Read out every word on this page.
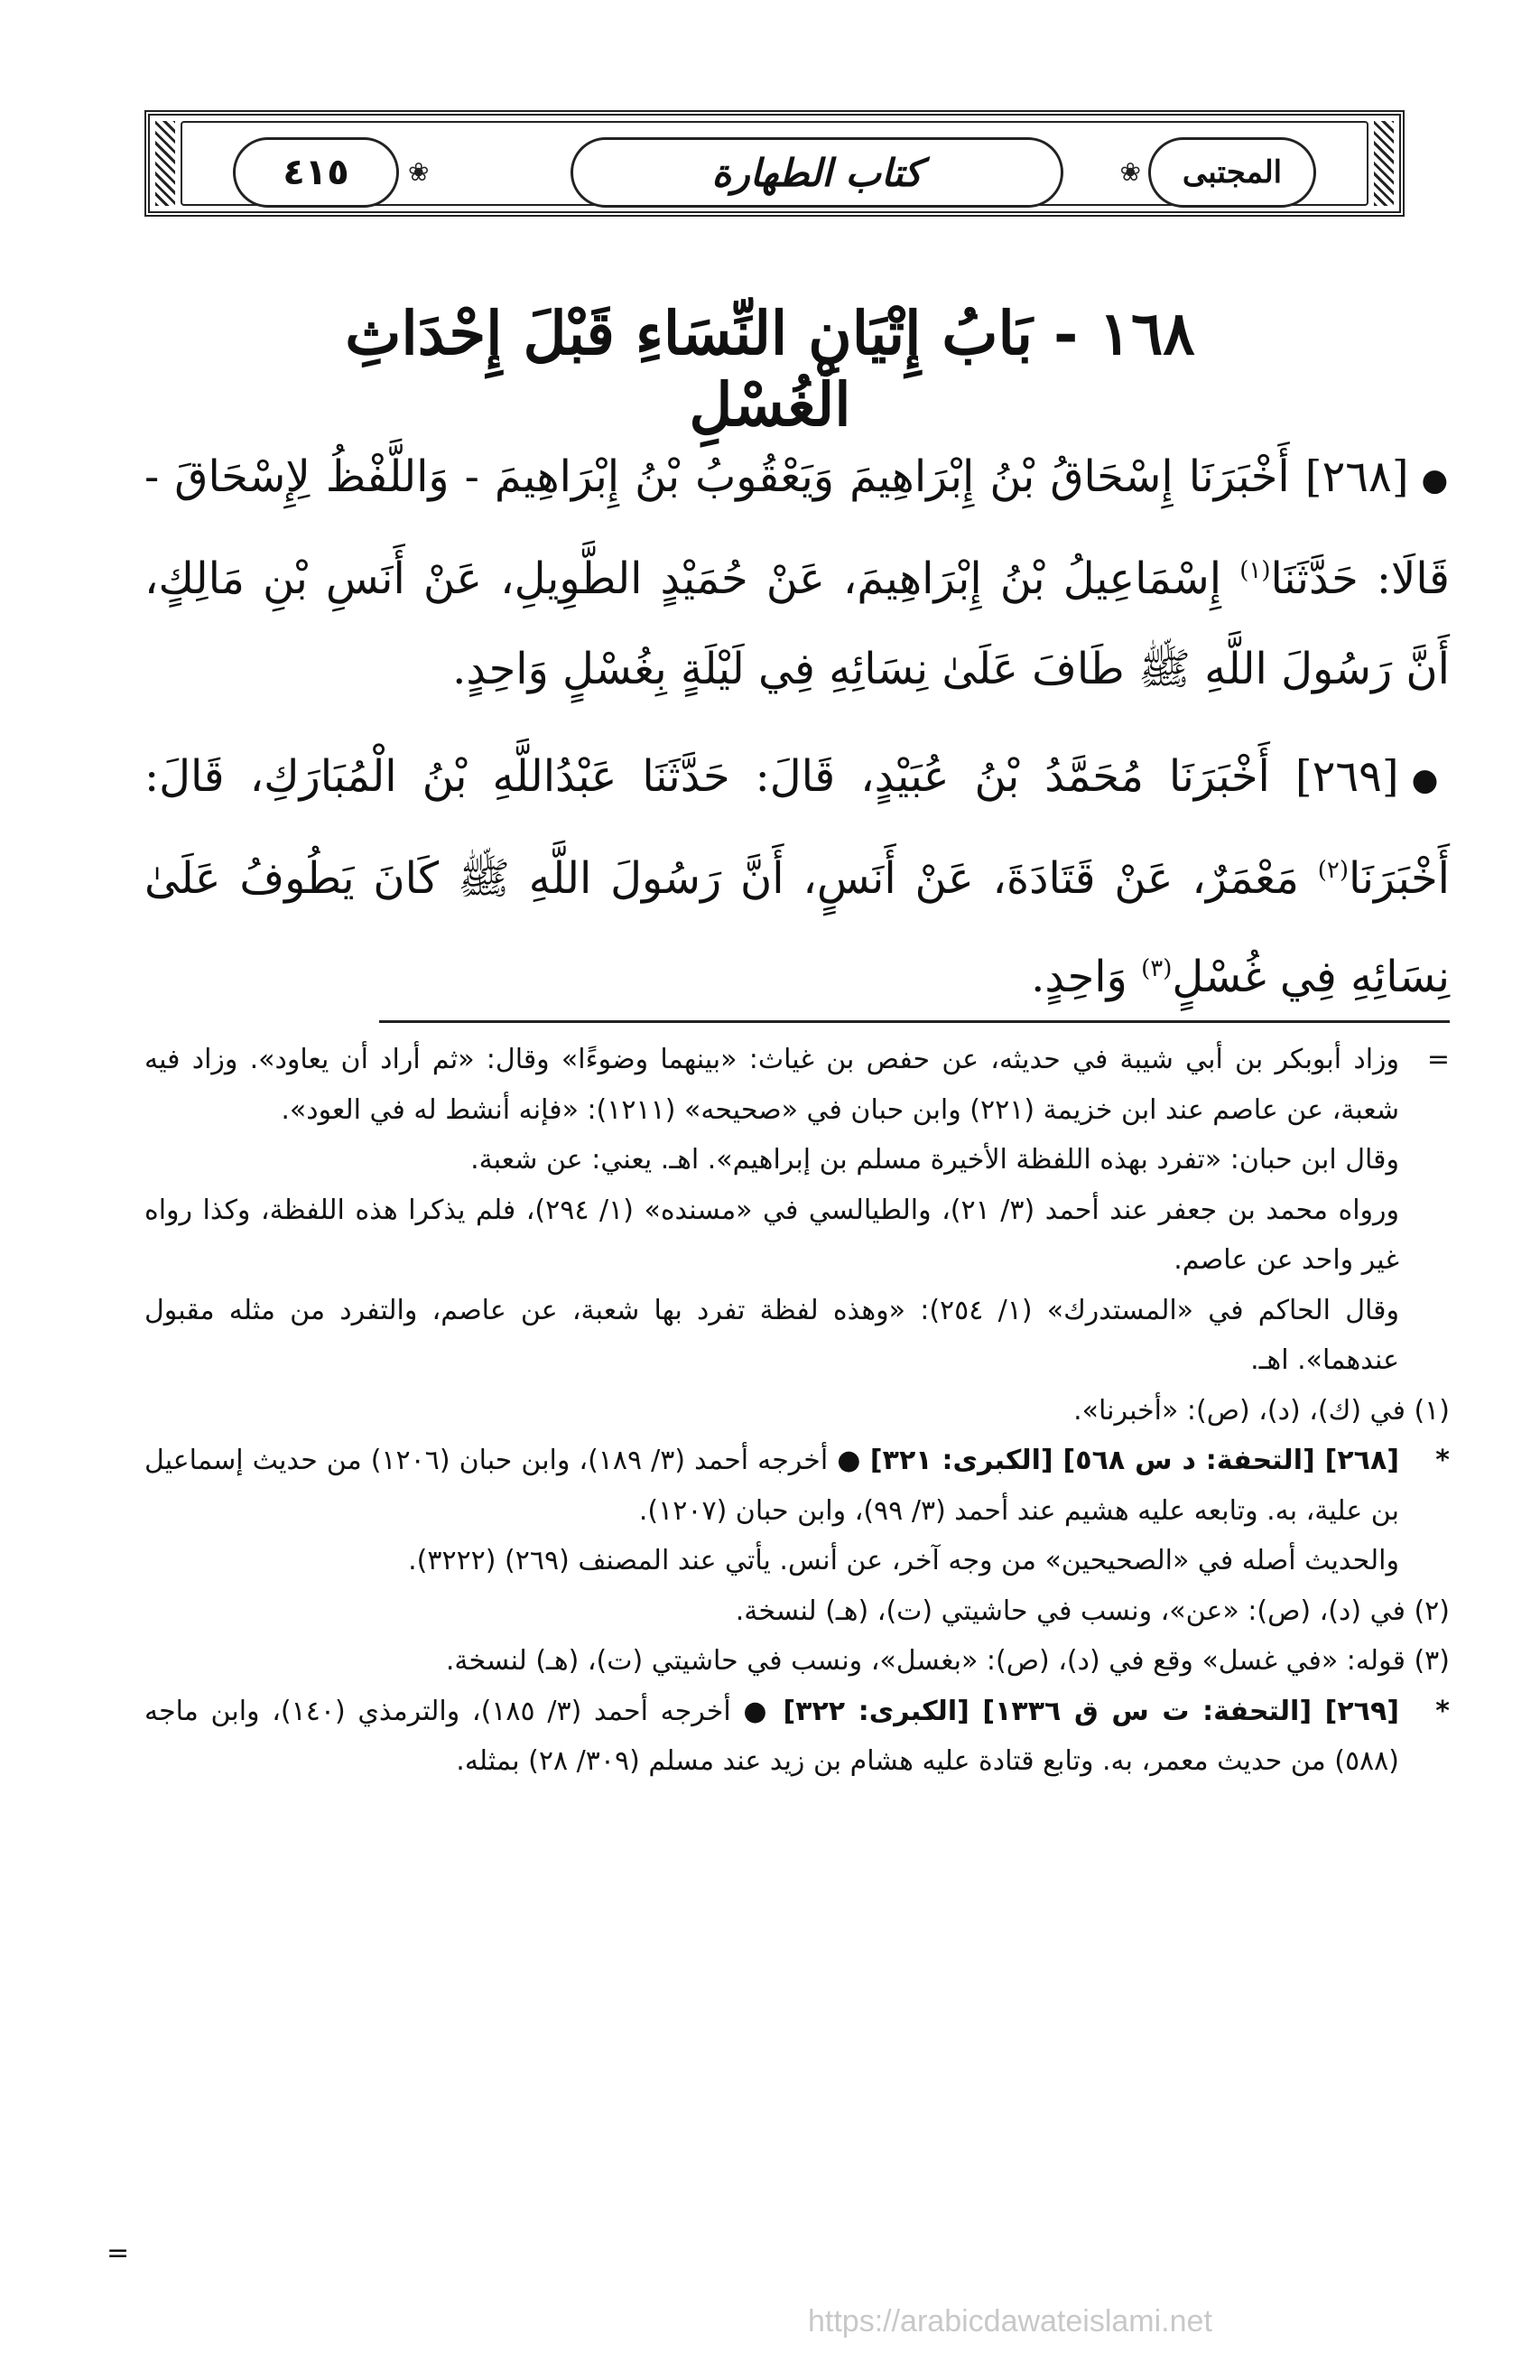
٤١٥	❀	كتاب الطهارة	❀	المجتبى
١٦٨ - بَابُ إِتْيَانِ النِّسَاءِ قَبْلَ إِحْدَاثِ الْغُسْلِ
●[٢٦٨] أَخْبَرَنَا إِسْحَاقُ بْنُ إِبْرَاهِيمَ وَيَعْقُوبُ بْنُ إِبْرَاهِيمَ - وَاللَّفْظُ لِإِسْحَاقَ - قَالَا: حَدَّثَنَا$^{(١)}$ إِسْمَاعِيلُ بْنُ إِبْرَاهِيمَ، عَنْ حُمَيْدٍ الطَّوِيلِ، عَنْ أَنَسِ بْنِ مَالِكٍ، أَنَّ رَسُولَ اللَّهِ ﷺ طَافَ عَلَىٰ نِسَائِهِ فِي لَيْلَةٍ بِغُسْلٍ وَاحِدٍ.
●[٢٦٩] أَخْبَرَنَا مُحَمَّدُ بْنُ عُبَيْدٍ، قَالَ: حَدَّثَنَا عَبْدُاللَّهِ بْنُ الْمُبَارَكِ، قَالَ: أَخْبَرَنَا$^{(٢)}$ مَعْمَرٌ، عَنْ قَتَادَةَ، عَنْ أَنَسٍ، أَنَّ رَسُولَ اللَّهِ ﷺ كَانَ يَطُوفُ عَلَىٰ نِسَائِهِ فِي غُسْلٍ$^{(٣)}$ وَاحِدٍ.
=

وزاد أبوبكر بن أبي شيبة في حديثه، عن حفص بن غياث: «بينهما وضوءًا» وقال: «ثم أراد أن يعاود». وزاد فيه شعبة، عن عاصم عند ابن خزيمة (٢٢١) وابن حبان في «صحيحه» (١٢١١): «فإنه أنشط له في العود».

وقال ابن حبان: «تفرد بهذه اللفظة الأخيرة مسلم بن إبراهيم». اهـ. يعني: عن شعبة.

ورواه محمد بن جعفر عند أحمد (٣/ ٢١)، والطيالسي في «مسنده» (١/ ٢٩٤)، فلم يذكرا هذه اللفظة، وكذا رواه غير واحد عن عاصم.

وقال الحاكم في «المستدرك» (١/ ٢٥٤): «وهذه لفظة تفرد بها شعبة، عن عاصم، والتفرد من مثله مقبول عندهما». اهـ.

(١) في (ك)، (د)، (ص): «أخبرنا».

*

[٢٦٨] [التحفة: د س ٥٦٨] [الكبرى: ٣٢١] ● أخرجه أحمد (٣/ ١٨٩)، وابن حبان (١٢٠٦) من حديث إسماعيل بن علية، به. وتابعه عليه هشيم عند أحمد (٣/ ٩٩)، وابن حبان (١٢٠٧).

والحديث أصله في «الصحيحين» من وجه آخر، عن أنس. يأتي عند المصنف (٢٦٩) (٣٢٢٢).

(٢) في (د)، (ص): «عن»، ونسب في حاشيتي (ت)، (هـ) لنسخة.

(٣) قوله: «في غسل» وقع في (د)، (ص): «بغسل»، ونسب في حاشيتي (ت)، (هـ) لنسخة.

*

[٢٦٩] [التحفة: ت س ق ١٣٣٦] [الكبرى: ٣٢٢] ● أخرجه أحمد (٣/ ١٨٥)، والترمذي (١٤٠)، وابن ماجه (٥٨٨) من حديث معمر، به. وتابع قتادة عليه هشام بن زيد عند مسلم (٣٠٩/ ٢٨) بمثله.

=
https://arabicdawateislami.net
